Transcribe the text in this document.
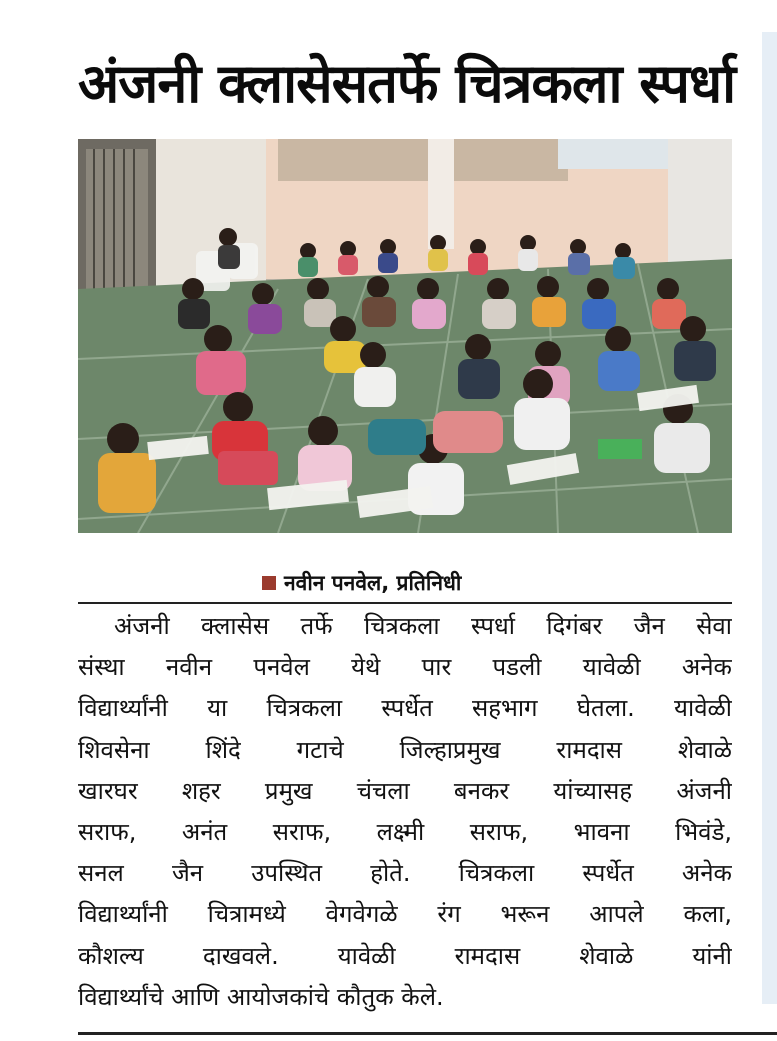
अंजनी क्लासेसतर्फे चित्रकला स्पर्धा
नवीन पनवेल, प्रतिनिधी
अंजनी क्लासेस तर्फे चित्रकला स्पर्धा दिगंबर जैन सेवा
संस्था नवीन पनवेल येथे पार पडली यावेळी अनेक
विद्यार्थ्यांनी या चित्रकला स्पर्धेत सहभाग घेतला. यावेळी
शिवसेना शिंदे गटाचे जिल्हाप्रमुख रामदास शेवाळे
खारघर शहर प्रमुख चंचला बनकर यांच्यासह अंजनी
सराफ, अनंत सराफ, लक्ष्मी सराफ, भावना भिवंडे,
सनल जैन उपस्थित होते. चित्रकला स्पर्धेत अनेक
विद्यार्थ्यांनी चित्रामध्ये वेगवेगळे रंग भरून आपले कला,
कौशल्य दाखवले. यावेळी रामदास शेवाळे यांनी
विद्यार्थ्यांचे आणि आयोजकांचे कौतुक केले.
